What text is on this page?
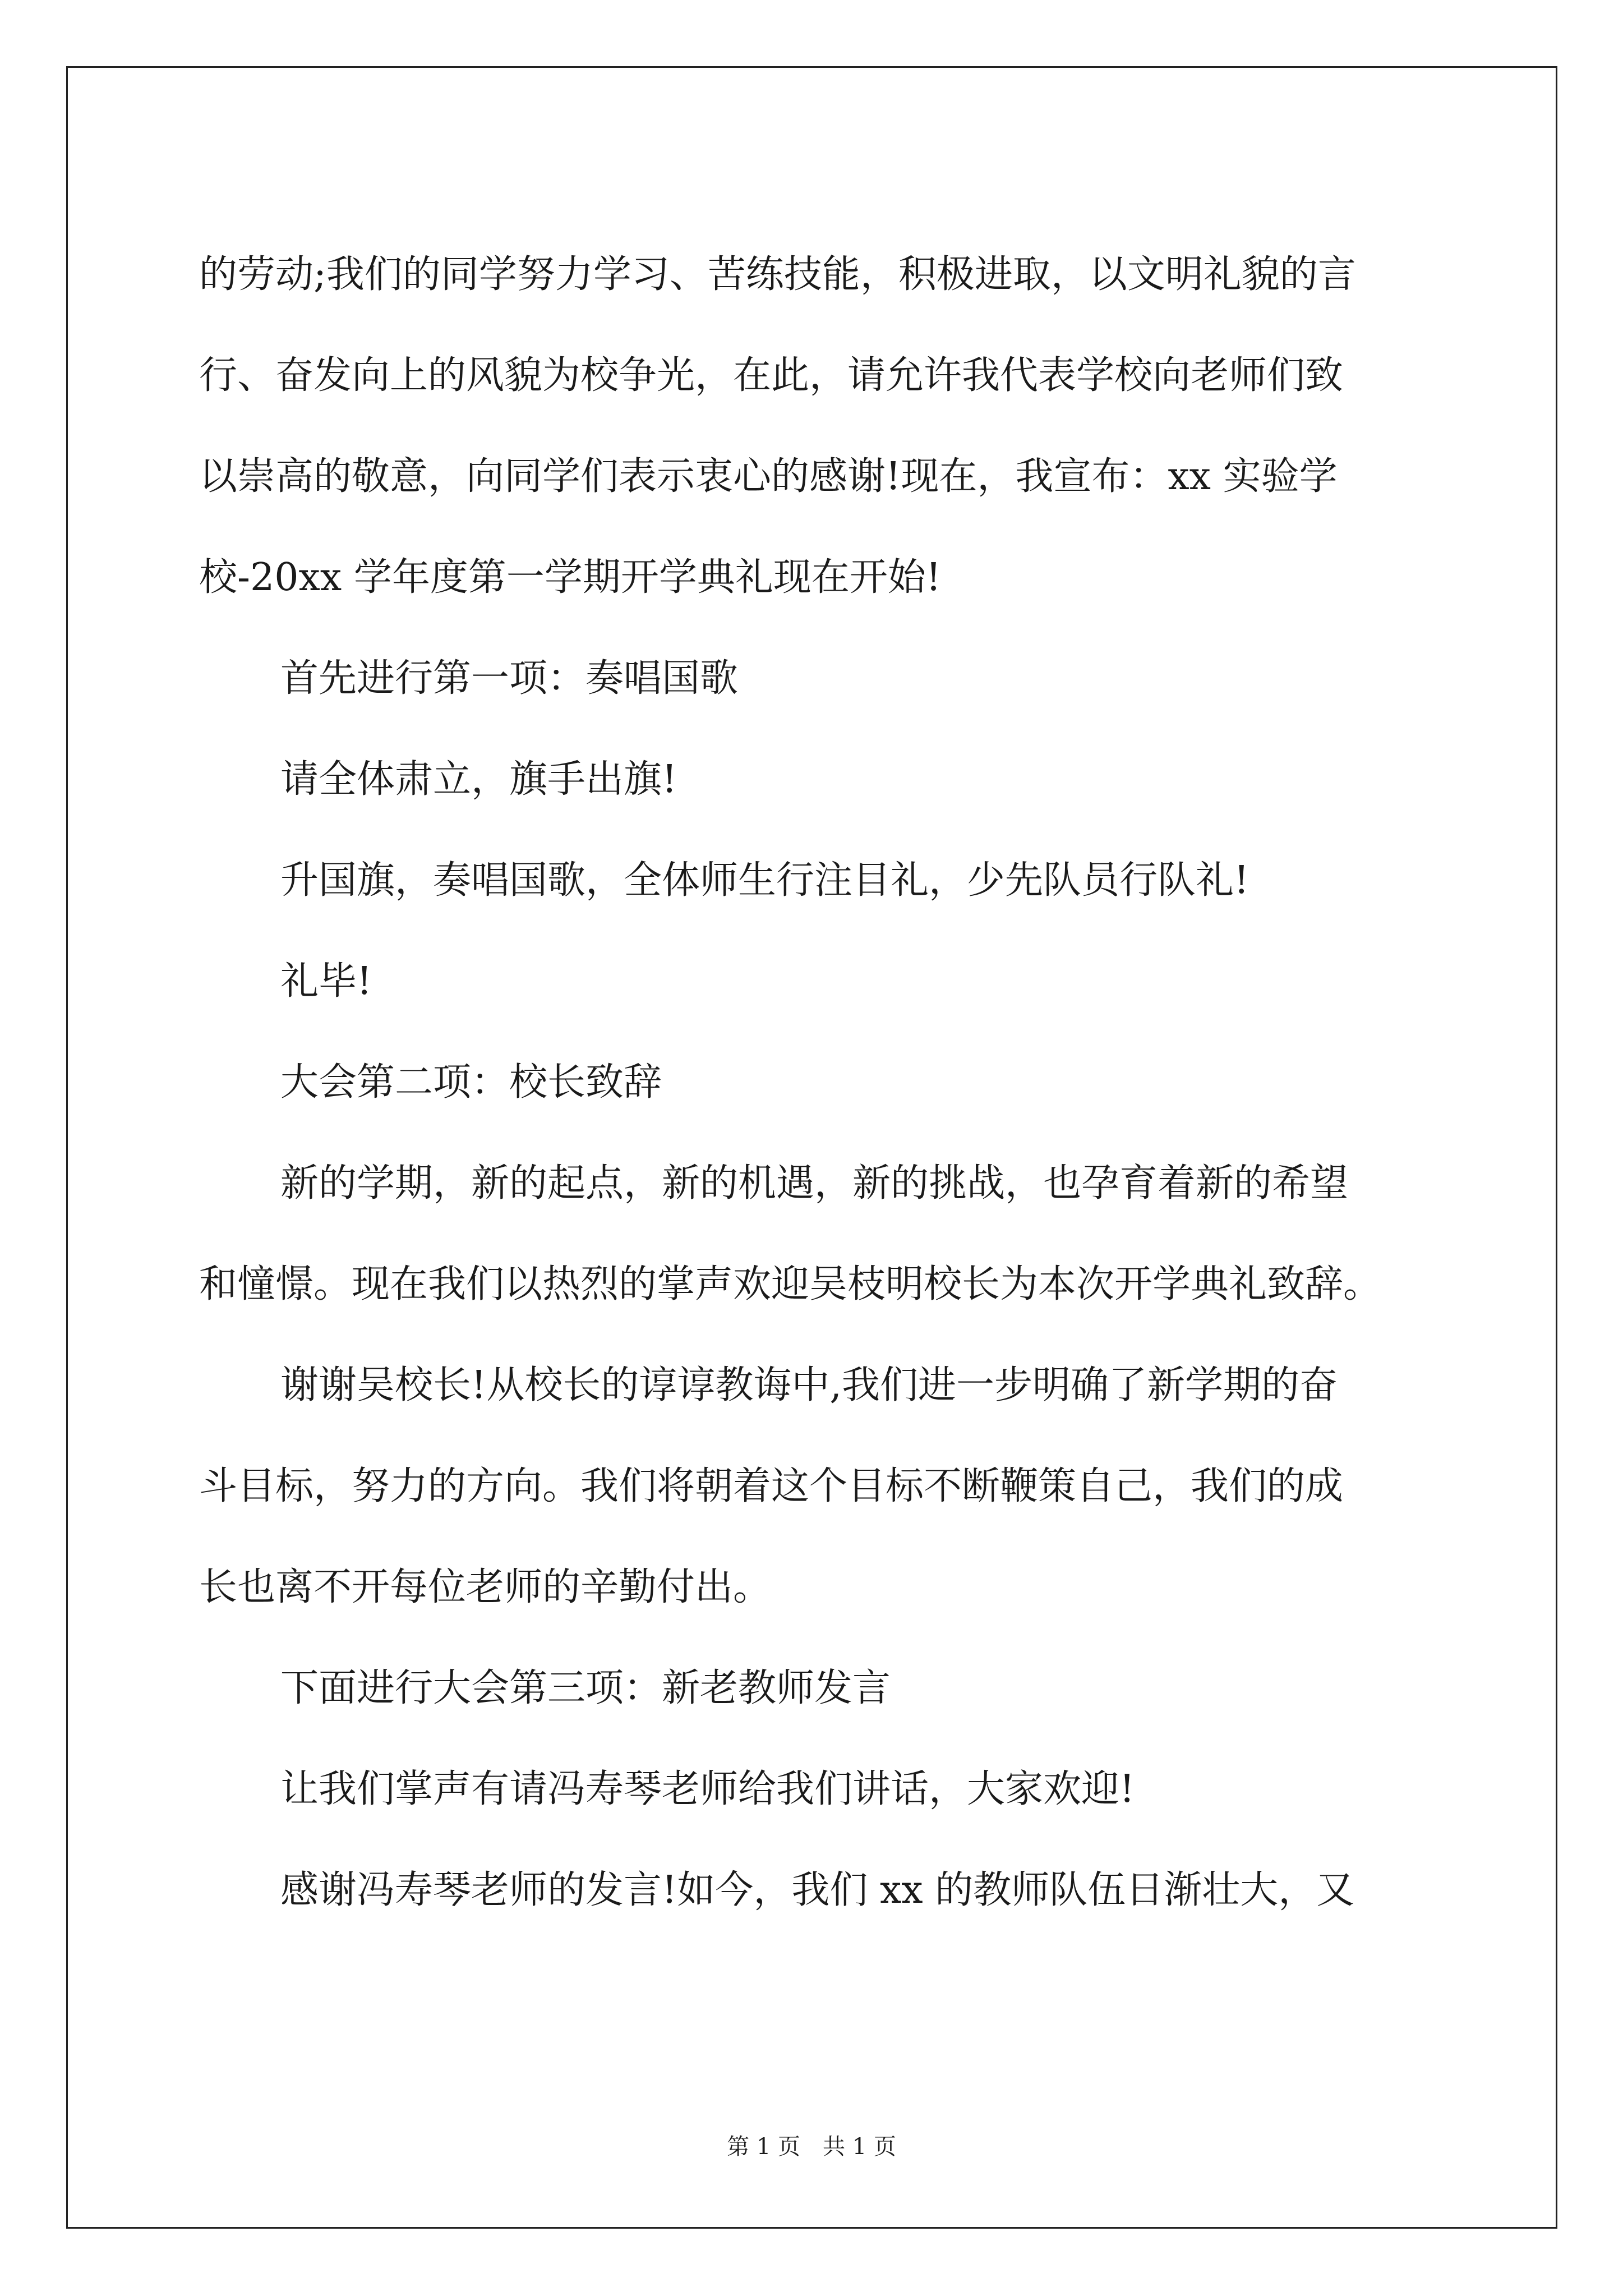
的劳动;我们的同学努力学习、苦练技能，积极进取，以文明礼貌的言
行、奋发向上的风貌为校争光，在此，请允许我代表学校向老师们致
以崇高的敬意，向同学们表示衷心的感谢!现在，我宣布：xx 实验学
校-20xx 学年度第一学期开学典礼现在开始!
首先进行第一项：奏唱国歌
请全体肃立，旗手出旗!
升国旗，奏唱国歌，全体师生行注目礼，少先队员行队礼!
礼毕!
大会第二项：校长致辞
新的学期，新的起点，新的机遇，新的挑战，也孕育着新的希望
和憧憬。现在我们以热烈的掌声欢迎吴枝明校长为本次开学典礼致辞。
谢谢吴校长!从校长的谆谆教诲中,我们进一步明确了新学期的奋
斗目标，努力的方向。我们将朝着这个目标不断鞭策自己，我们的成
长也离不开每位老师的辛勤付出。
下面进行大会第三项：新老教师发言
让我们掌声有请冯寿琴老师给我们讲话，大家欢迎!
感谢冯寿琴老师的发言!如今，我们 xx 的教师队伍日渐壮大，又
第 1 页 共 1 页
